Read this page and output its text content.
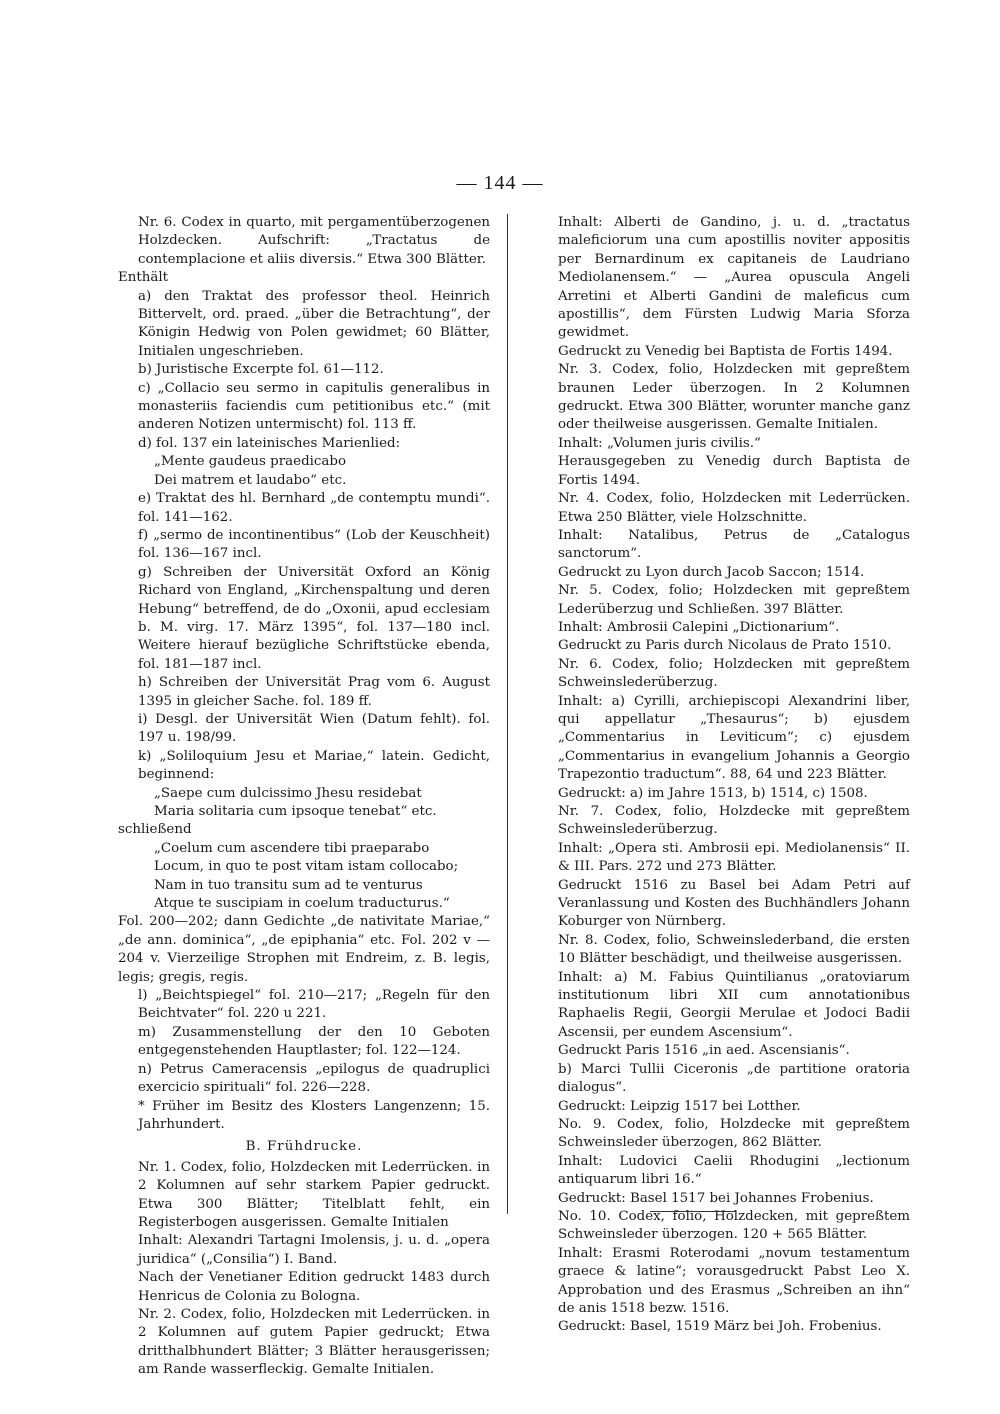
— 144 —

Nr. 6. Codex in quarto, mit pergamentüberzogenen Holzdecken. Aufschrift: „Tractatus de contemplacione et aliis diversis.“ Etwa 300 Blätter.

Enthält

a) den Traktat des professor theol. Heinrich Bittervelt, ord. praed. „über die Betrachtung“, der Königin Hedwig von Polen gewidmet; 60 Blätter, Initialen ungeschrieben.

b) Juristische Excerpte fol. 61—112.

c) „Collacio seu sermo in capitulis generalibus in monasteriis faciendis cum petitionibus etc.“ (mit anderen Notizen untermischt) fol. 113 ff.

d) fol. 137 ein lateinisches Marienlied:

„Mente gaudeus praedicabo

Dei matrem et laudabo“ etc.

e) Traktat des hl. Bernhard „de contemptu mundi“. fol. 141—162.

f) „sermo de incontinentibus“ (Lob der Keuschheit) fol. 136—167 incl.

g) Schreiben der Universität Oxford an König Richard von England, „Kirchenspaltung und deren Hebung“ betreffend, de do „Oxonii, apud ecclesiam b. M. virg. 17. März 1395“, fol. 137—180 incl. Weitere hierauf bezügliche Schriftstücke ebenda, fol. 181—187 incl.

h) Schreiben der Universität Prag vom 6. August 1395 in gleicher Sache. fol. 189 ff.

i) Desgl. der Universität Wien (Datum fehlt). fol. 197 u. 198/99.

k) „Soliloquium Jesu et Mariae,“ latein. Gedicht, beginnend:

„Saepe cum dulcissimo Jhesu residebat

Maria solitaria cum ipsoque tenebat“ etc.

schließend

„Coelum cum ascendere tibi praeparabo

Locum, in quo te post vitam istam collocabo;

Nam in tuo transitu sum ad te venturus

Atque te suscipiam in coelum traducturus.“

Fol. 200—202; dann Gedichte „de nativitate Mariae,“ „de ann. dominica“, „de epiphania“ etc. Fol. 202 v — 204 v. Vierzeilige Strophen mit Endreim, z. B. legis, legis; gregis, regis.

l) „Beichtspiegel“ fol. 210—217; „Regeln für den Beichtvater“ fol. 220 u 221.

m) Zusammenstellung der den 10 Geboten entgegenstehenden Hauptlaster; fol. 122—124.

n) Petrus Cameracensis „epilogus de quadruplici exercicio spirituali“ fol. 226—228.

* Früher im Besitz des Klosters Langenzenn; 15. Jahrhundert.

B. Frühdrucke.

Nr. 1. Codex, folio, Holzdecken mit Lederrücken. in 2 Kolumnen auf sehr starkem Papier gedruckt. Etwa 300 Blätter; Titelblatt fehlt, ein Registerbogen ausgerissen. Gemalte Initialen

Inhalt: Alexandri Tartagni Imolensis, j. u. d. „opera juridica“ („Consilia“) I. Band.

Nach der Venetianer Edition gedruckt 1483 durch Henricus de Colonia zu Bologna.

Nr. 2. Codex, folio, Holzdecken mit Lederrücken. in 2 Kolumnen auf gutem Papier gedruckt; Etwa dritthalbhundert Blätter; 3 Blätter herausgerissen; am Rande wasserfleckig. Gemalte Initialen.

Inhalt: Alberti de Gandino, j. u. d. „tractatus maleficiorum una cum apostillis noviter appositis per Bernardinum ex capitaneis de Laudriano Mediolanensem.“ — „Aurea opuscula Angeli Arretini et Alberti Gandini de maleficus cum apostillis“, dem Fürsten Ludwig Maria Sforza gewidmet.

Gedruckt zu Venedig bei Baptista de Fortis 1494.

Nr. 3. Codex, folio, Holzdecken mit gepreßtem braunen Leder überzogen. In 2 Kolumnen gedruckt. Etwa 300 Blätter, worunter manche ganz oder theilweise ausgerissen. Gemalte Initialen.

Inhalt: „Volumen juris civilis.“

Herausgegeben zu Venedig durch Baptista de Fortis 1494.

Nr. 4. Codex, folio, Holzdecken mit Lederrücken. Etwa 250 Blätter, viele Holzschnitte.

Inhalt: Natalibus, Petrus de „Catalogus sanctorum“.

Gedruckt zu Lyon durch Jacob Saccon; 1514.

Nr. 5. Codex, folio; Holzdecken mit gepreßtem Lederüberzug und Schließen. 397 Blätter.

Inhalt: Ambrosii Calepini „Dictionarium“.

Gedruckt zu Paris durch Nicolaus de Prato 1510.

Nr. 6. Codex, folio; Holzdecken mit gepreßtem Schweinslederüberzug.

Inhalt: a) Cyrilli, archiepiscopi Alexandrini liber, qui appellatur „Thesaurus“; b) ejusdem „Commentarius in Leviticum“; c) ejusdem „Commentarius in evangelium Johannis a Georgio Trapezontio traductum“. 88, 64 und 223 Blätter.

Gedruckt: a) im Jahre 1513, b) 1514, c) 1508.

Nr. 7. Codex, folio, Holzdecke mit gepreßtem Schweinslederüberzug.

Inhalt: „Opera sti. Ambrosii epi. Mediolanensis“ II. & III. Pars. 272 und 273 Blätter.

Gedruckt 1516 zu Basel bei Adam Petri auf Veranlassung und Kosten des Buchhändlers Johann Koburger von Nürnberg.

Nr. 8. Codex, folio, Schweinslederband, die ersten 10 Blätter beschädigt, und theilweise ausgerissen.

Inhalt: a) M. Fabius Quintilianus „oratoviarum institutionum libri XII cum annotationibus Raphaelis Regii, Georgii Merulae et Jodoci Badii Ascensii, per eundem Ascensium“.

Gedruckt Paris 1516 „in aed. Ascensianis“.

b) Marci Tullii Ciceronis „de partitione oratoria dialogus“.

Gedruckt: Leipzig 1517 bei Lotther.

No. 9. Codex, folio, Holzdecke mit gepreßtem Schweinsleder überzogen, 862 Blätter.

Inhalt: Ludovici Caelii Rhodugini „lectionum antiquarum libri 16.“

Gedruckt: Basel 1517 bei Johannes Frobenius.

No. 10. Codex, folio, Holzdecken, mit gepreßtem Schweinsleder überzogen. 120 + 565 Blätter.

Inhalt: Erasmi Roterodami „novum testamentum graece & latine“; vorausgedruckt Pabst Leo X. Approbation und des Erasmus „Schreiben an ihn“ de anis 1518 bezw. 1516.

Gedruckt: Basel, 1519 März bei Joh. Frobenius.
